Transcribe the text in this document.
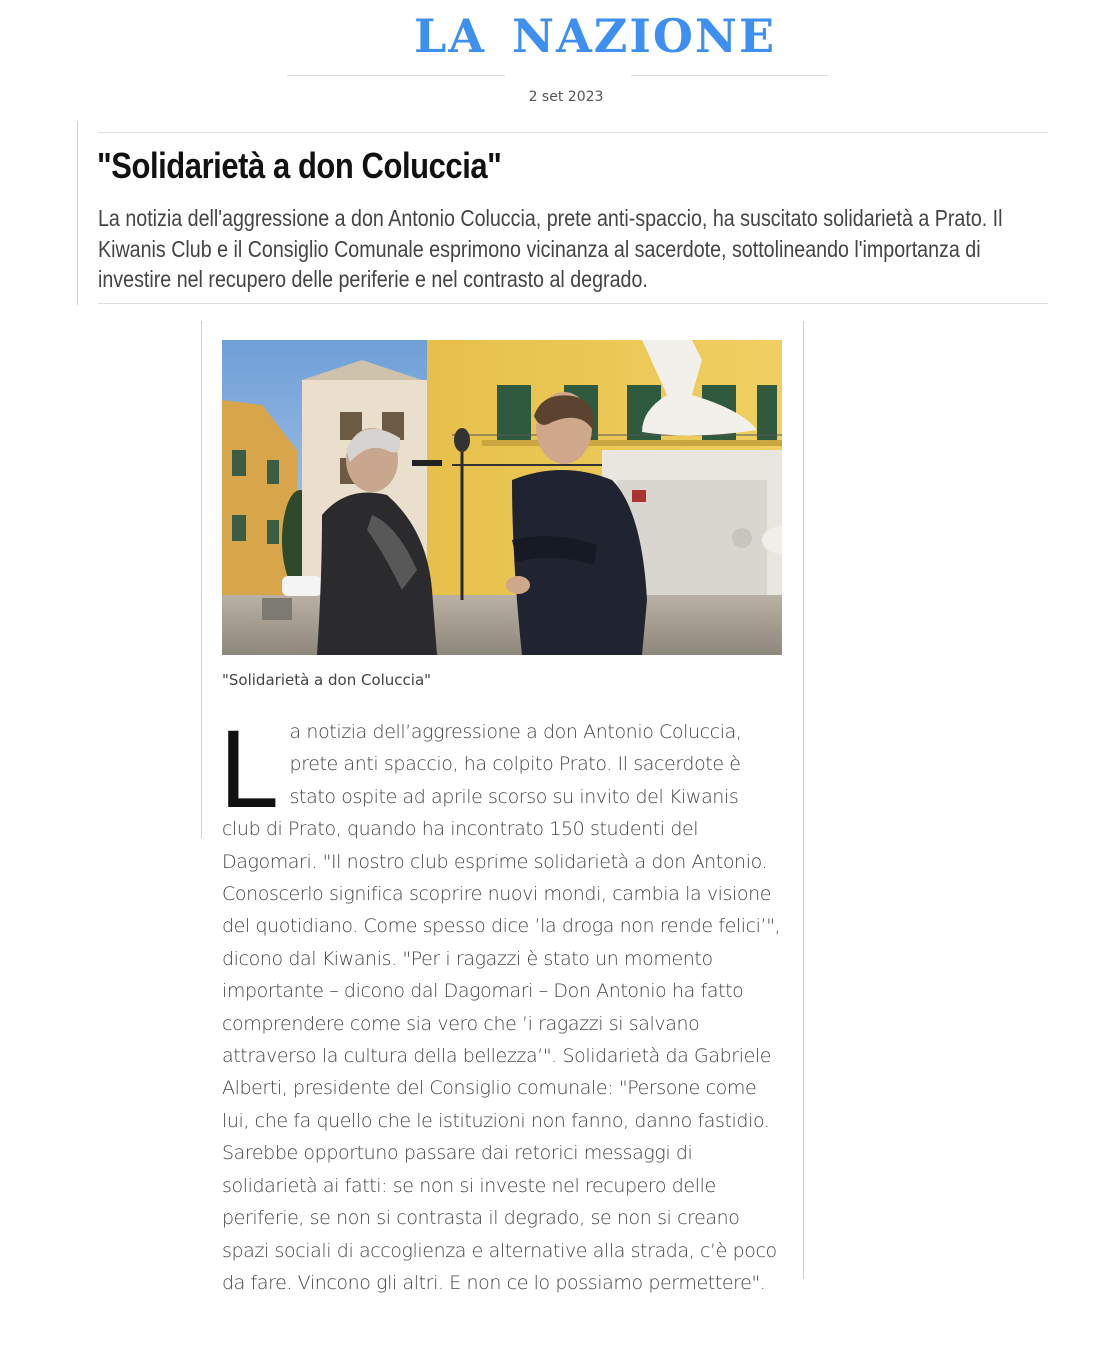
LA NAZIONE
2 set 2023
"Solidarietà a don Coluccia"

La notizia dell'aggressione a don Antonio Coluccia, prete anti-spaccio, ha suscitato solidarietà a Prato. Il Kiwanis Club e il Consiglio Comunale esprimono vicinanza al sacerdote, sottolineando l'importanza di investire nel recupero delle periferie e nel contrasto al degrado.

"Solidarietà a don Coluccia"
L a notizia dell’aggressione a don Antonio Coluccia, prete anti spaccio, ha colpito Prato. Il sacerdote è stato ospite ad aprile scorso su invito del Kiwanis club di Prato, quando ha incontrato 150 studenti del Dagomari. "Il nostro club esprime solidarietà a don Antonio. Conoscerlo significa scoprire nuovi mondi, cambia la visione del quotidiano. Come spesso dice ’la droga non rende felici’", dicono dal Kiwanis. "Per i ragazzi è stato un momento importante – dicono dal Dagomari – Don Antonio ha fatto comprendere come sia vero che ’i ragazzi si salvano attraverso la cultura della bellezza’". Solidarietà da Gabriele Alberti, presidente del Consiglio comunale: "Persone come lui, che fa quello che le istituzioni non fanno, danno fastidio. Sarebbe opportuno passare dai retorici messaggi di solidarietà ai fatti: se non si investe nel recupero delle periferie, se non si contrasta il degrado, se non si creano spazi sociali di accoglienza e alternative alla strada, c’è poco da fare. Vincono gli altri. E non ce lo possiamo permettere".
